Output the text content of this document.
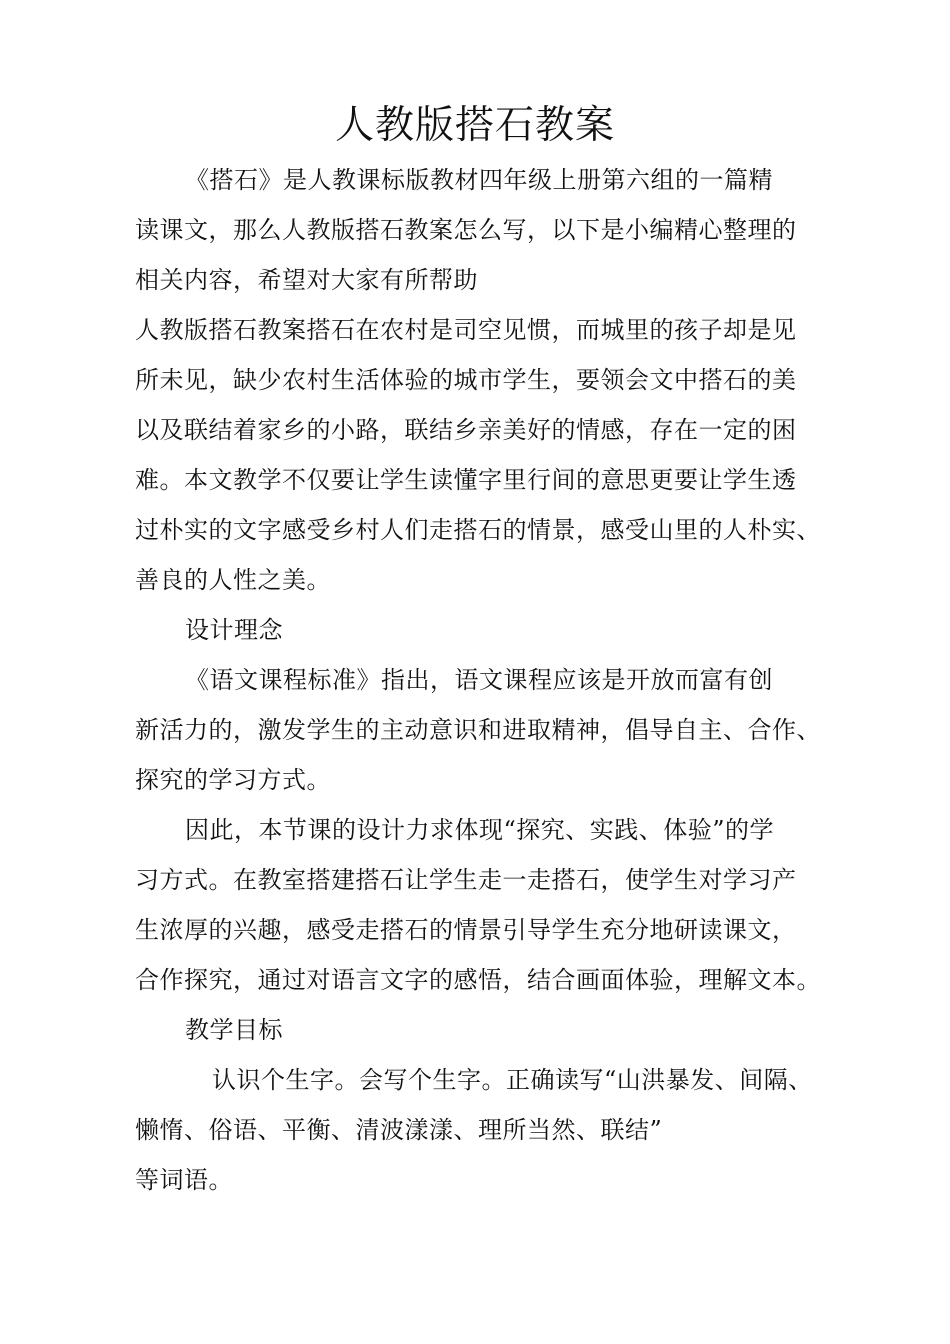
人教版搭石教案
《搭石》是人教课标版教材四年级上册第六组的一篇精
读课文，那么人教版搭石教案怎么写，以下是小编精心整理的
相关内容，希望对大家有所帮助
人教版搭石教案搭石在农村是司空见惯，而城里的孩子却是见
所未见，缺少农村生活体验的城市学生，要领会文中搭石的美
以及联结着家乡的小路，联结乡亲美好的情感，存在一定的困
难。本文教学不仅要让学生读懂字里行间的意思更要让学生透
过朴实的文字感受乡村人们走搭石的情景，感受山里的人朴实、
善良的人性之美。
设计理念
《语文课程标准》指出，语文课程应该是开放而富有创
新活力的，激发学生的主动意识和进取精神，倡导自主、合作、
探究的学习方式。
因此，本节课的设计力求体现“探究、实践、体验”的学
习方式。在教室搭建搭石让学生走一走搭石，使学生对学习产
生浓厚的兴趣，感受走搭石的情景引导学生充分地研读课文，
合作探究，通过对语言文字的感悟，结合画面体验，理解文本。
教学目标
认识个生字。会写个生字。正确读写“山洪暴发、间隔、
懒惰、俗语、平衡、清波漾漾、理所当然、联结”
等词语。
